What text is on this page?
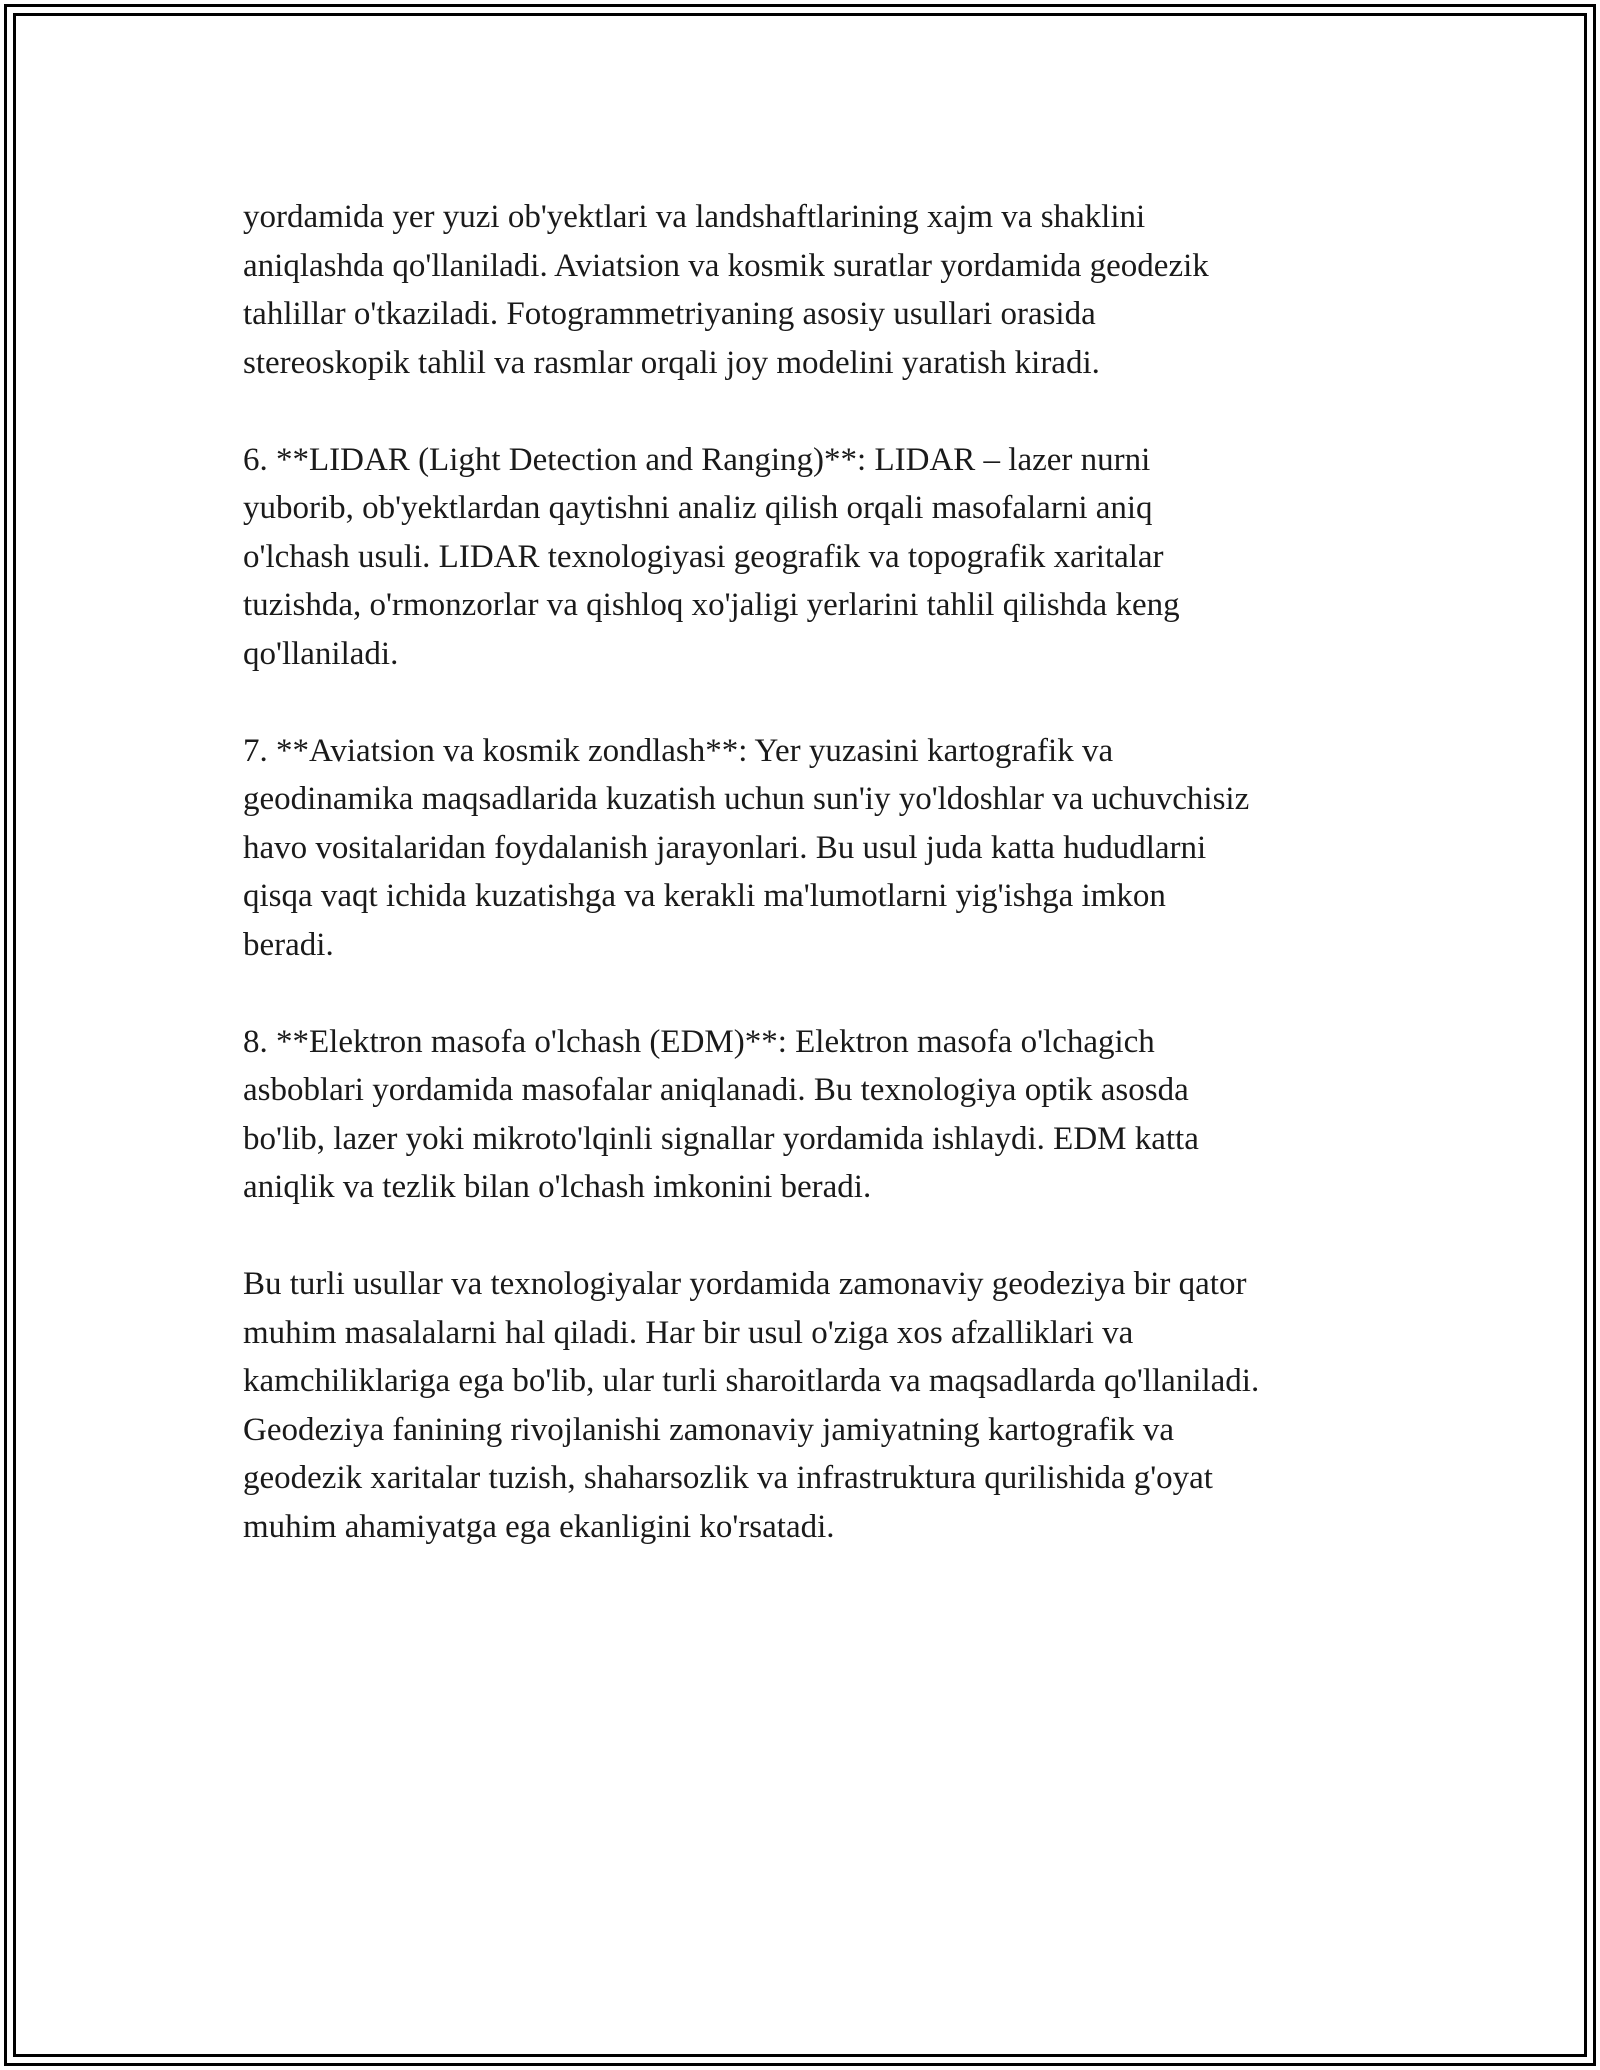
yordamida yer yuzi ob'yektlari va landshaftlarining xajm va shaklini
aniqlashda qo'llaniladi. Aviatsion va kosmik suratlar yordamida geodezik
tahlillar o'tkaziladi. Fotogrammetriyaning asosiy usullari orasida
stereoskopik tahlil va rasmlar orqali joy modelini yaratish kiradi.

6. **LIDAR (Light Detection and Ranging)**: LIDAR – lazer nurni
yuborib, ob'yektlardan qaytishni analiz qilish orqali masofalarni aniq
o'lchash usuli. LIDAR texnologiyasi geografik va topografik xaritalar
tuzishda, o'rmonzorlar va qishloq xo'jaligi yerlarini tahlil qilishda keng
qo'llaniladi.

7. **Aviatsion va kosmik zondlash**: Yer yuzasini kartografik va
geodinamika maqsadlarida kuzatish uchun sun'iy yo'ldoshlar va uchuvchisiz
havo vositalaridan foydalanish jarayonlari. Bu usul juda katta hududlarni
qisqa vaqt ichida kuzatishga va kerakli ma'lumotlarni yig'ishga imkon
beradi.

8. **Elektron masofa o'lchash (EDM)**: Elektron masofa o'lchagich
asboblari yordamida masofalar aniqlanadi. Bu texnologiya optik asosda
bo'lib, lazer yoki mikroto'lqinli signallar yordamida ishlaydi. EDM katta
aniqlik va tezlik bilan o'lchash imkonini beradi.

Bu turli usullar va texnologiyalar yordamida zamonaviy geodeziya bir qator
muhim masalalarni hal qiladi. Har bir usul o'ziga xos afzalliklari va
kamchiliklariga ega bo'lib, ular turli sharoitlarda va maqsadlarda qo'llaniladi.
Geodeziya fanining rivojlanishi zamonaviy jamiyatning kartografik va
geodezik xaritalar tuzish, shaharsozlik va infrastruktura qurilishida g'oyat
muhim ahamiyatga ega ekanligini ko'rsatadi.
